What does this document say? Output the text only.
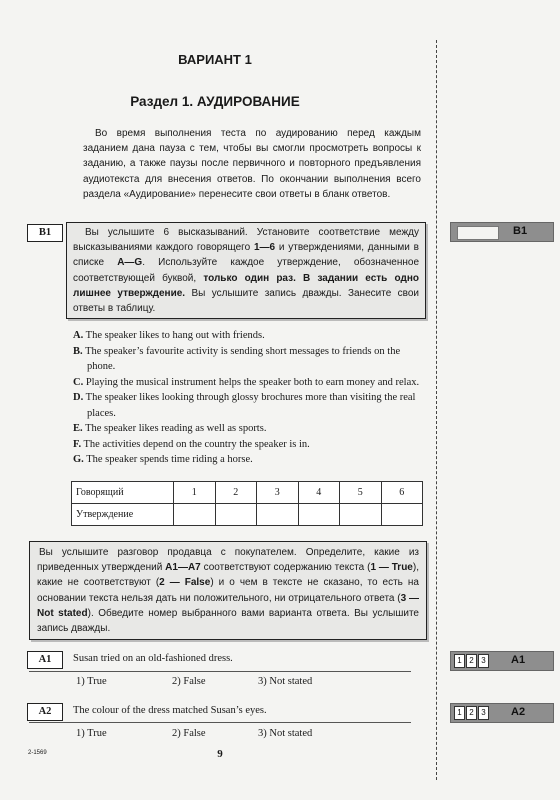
ВАРИАНТ 1
Раздел 1. АУДИРОВАНИЕ
Во время выполнения теста по аудированию перед каждым заданием дана пауза с тем, чтобы вы смогли просмотреть вопросы к заданию, а также паузы после первичного и повторного предъявления аудиотекста для внесения ответов. По окончании выполнения всего раздела «Аудирование» перенесите свои ответы в бланк ответов.
B1	Вы услышите 6 высказываний. Установите соответствие между высказываниями каждого говорящего 1—6 и утверждениями, данными в списке A—G. Используйте каждое утверждение, обозначенное соответствующей буквой, только один раз. В задании есть одно лишнее утверждение. Вы услышите запись дважды. Занесите свои ответы в таблицу.
A. The speaker likes to hang out with friends.
B. The speaker’s favourite activity is sending short messages to friends on the phone.
C. Playing the musical instrument helps the speaker both to earn money and relax.
D. The speaker likes looking through glossy brochures more than visiting the real places.
E. The speaker likes reading as well as sports.
F. The activities depend on the country the speaker is in.
G. The speaker spends time riding a horse.
Говорящий	1	2	3	4	5	6
Утверждение						
Вы услышите разговор продавца с покупателем. Определите, какие из приведенных утверждений А1—А7 соответствуют содержанию текста (1 — True), какие не соответствуют (2 — False) и о чем в тексте не сказано, то есть на основании текста нельзя дать ни положительного, ни отрицательного ответа (3 — Not stated). Обведите номер выбранного вами варианта ответа. Вы услышите запись дважды.
A1	Susan tried on an old-fashioned dress.
1) True	2) False	3) Not stated
A2	The colour of the dress matched Susan’s eyes.
1) True	2) False	3) Not stated
B1
1 2 3 A1
1 2 3 A2
2-1569	9
